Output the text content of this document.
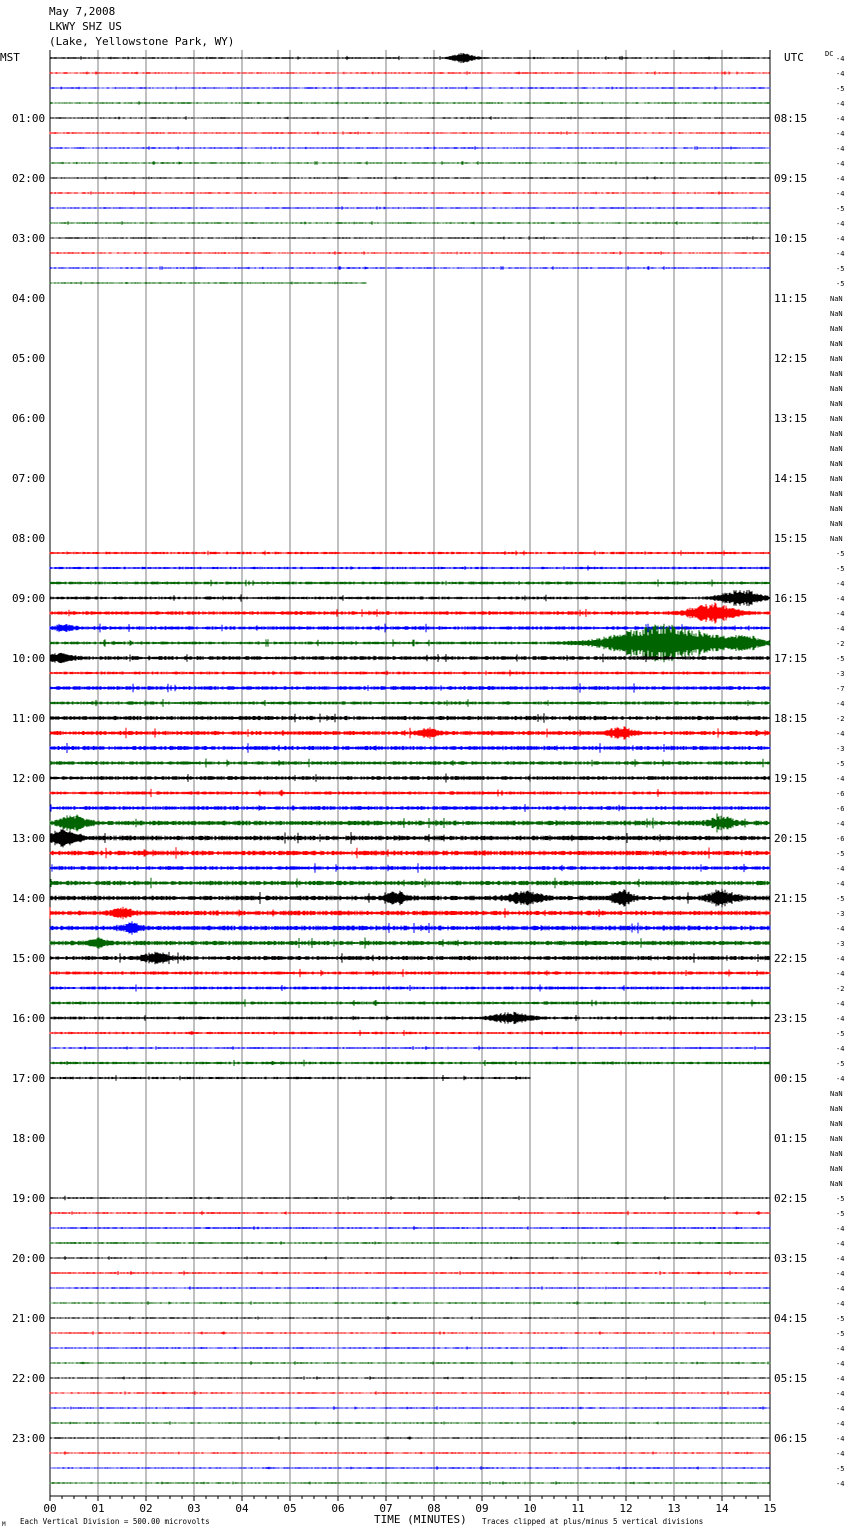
May 7,2008
LKWY SHZ US
(Lake, Yellowstone Park, WY)
00	01	02	03	04	05	06	07	08	09	10	11	12	13	14	15
-4
-4
-5
-4
-4
01:00	08:15
-4
-4
-4
-4
02:00	09:15
-4
-5
-4
-4
03:00	10:15
-4
-5
-5
NaN
04:00	11:15
NaN
NaN
NaN
NaN
05:00	12:15
NaN
NaN
NaN
NaN
06:00	13:15
NaN
NaN
NaN
NaN
07:00	14:15
NaN
NaN
NaN
NaN
08:00	15:15
-5
-5
-4
-4
09:00	16:15
-4
-4
-2
-5
10:00	17:15
-3
-7
-4
-2
11:00	18:15
-4
-3
-5
-4
12:00	19:15
-6
-6
-4
-6
13:00	20:15
-5
-4
-4
-5
14:00	21:15
-3
-4
-3
-4
15:00	22:15
-4
-2
-4
-4
16:00	23:15
-5
-4
-5
-4
17:00	00:15
NaN
NaN
NaN
NaN
18:00	01:15
NaN
NaN
NaN
-5
19:00	02:15
-5
-4
-4
-4
20:00	03:15
-4
-4
-4
-5
21:00	04:15
-5
-4
-4
-4
22:00	05:15
-4
-4
-4
-4
23:00	06:15
-4
-5
-4
MST	UTC	DC
TIME (MINUTES)
Each Vertical Division = 500.00 microvolts	Traces clipped at plus/minus 5 vertical divisions
M
